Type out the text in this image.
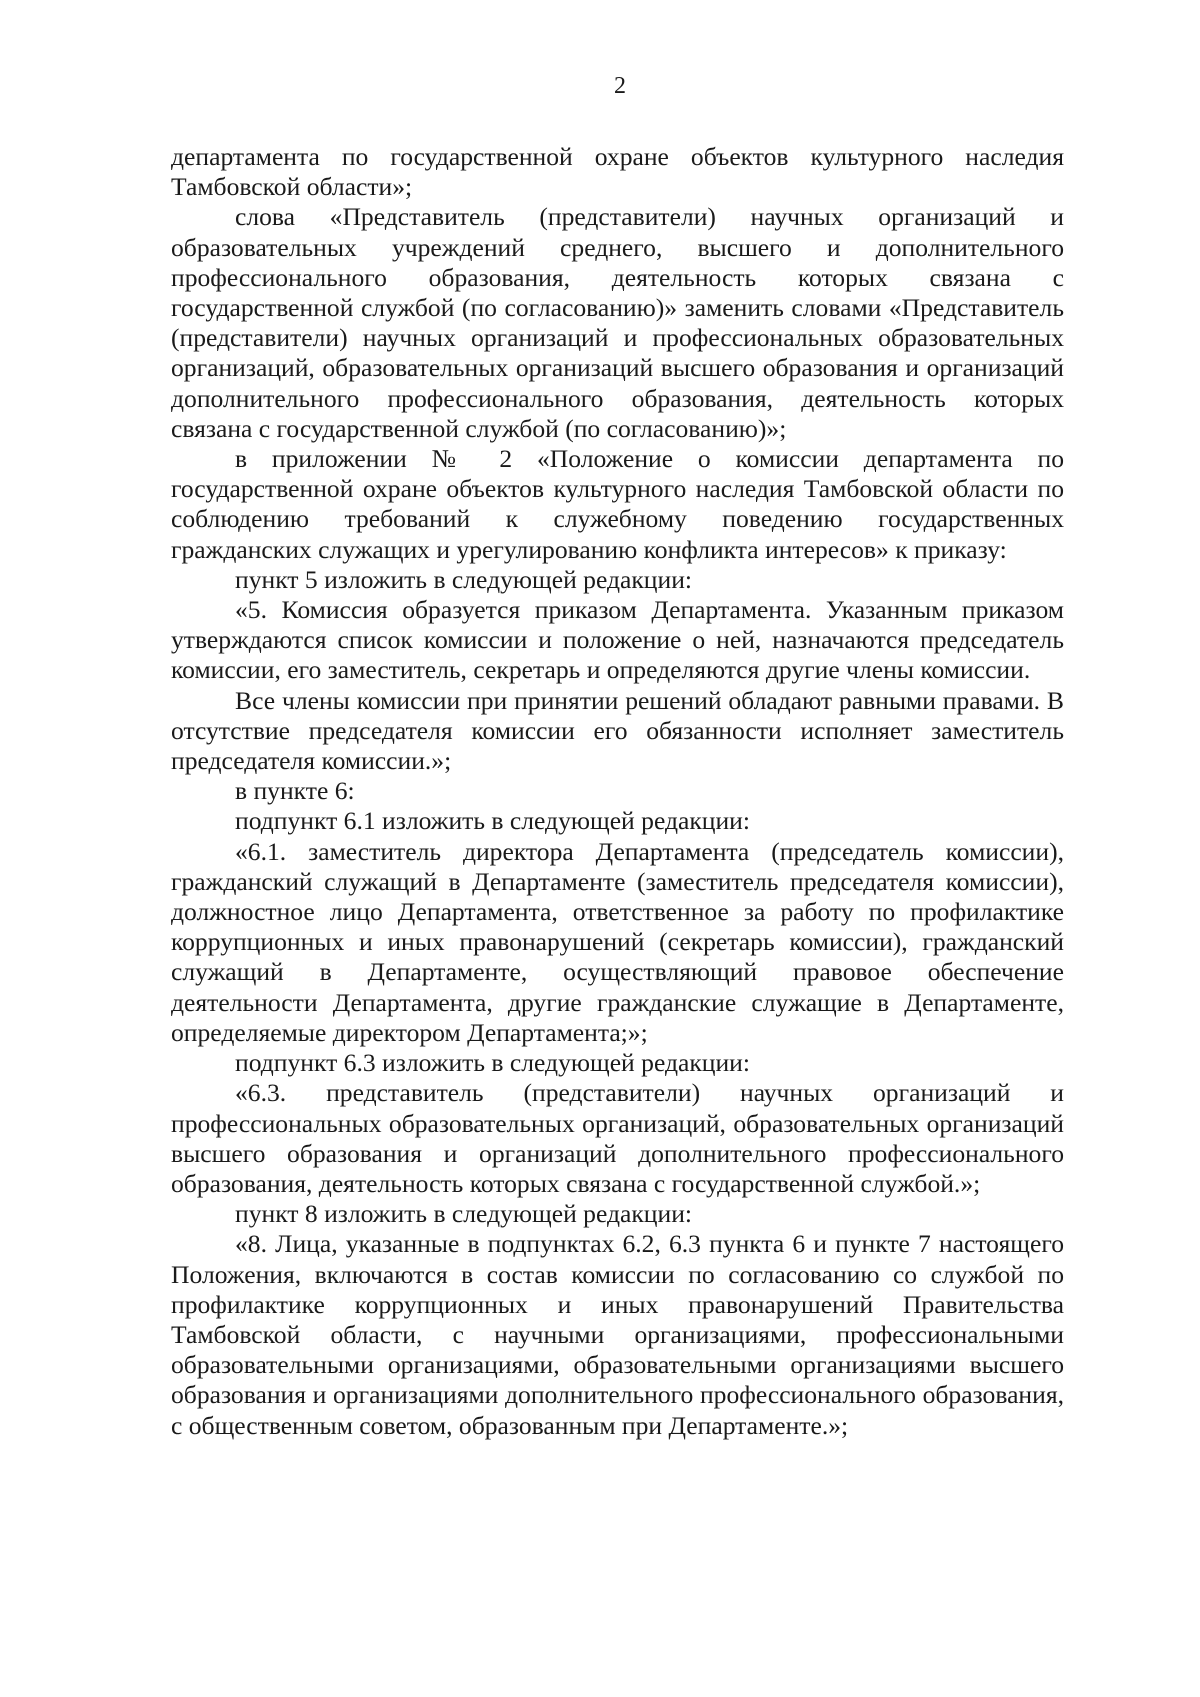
2

департамента по государственной охране объектов культурного наследия Тамбовской области»;

слова «Представитель (представители) научных организаций и образовательных учреждений среднего, высшего и дополнительного профессионального образования, деятельность которых связана с государственной службой (по согласованию)» заменить словами «Представитель (представители) научных организаций и профессиональных образовательных организаций, образовательных организаций высшего образования и организаций дополнительного профессионального образования, деятельность которых связана с государственной службой (по согласованию)»;

в приложении № 2 «Положение о комиссии департамента по государственной охране объектов культурного наследия Тамбовской области по соблюдению требований к служебному поведению государственных гражданских служащих и урегулированию конфликта интересов» к приказу:

пункт 5 изложить в следующей редакции:

«5. Комиссия образуется приказом Департамента. Указанным приказом утверждаются список комиссии и положение о ней, назначаются председатель комиссии, его заместитель, секретарь и определяются другие члены комиссии.

Все члены комиссии при принятии решений обладают равными правами. В отсутствие председателя комиссии его обязанности исполняет заместитель председателя комиссии.»;

в пункте 6:

подпункт 6.1 изложить в следующей редакции:

«6.1. заместитель директора Департамента (председатель комиссии), гражданский служащий в Департаменте (заместитель председателя комиссии), должностное лицо Департамента, ответственное за работу по профилактике коррупционных и иных правонарушений (секретарь комиссии), гражданский служащий в Департаменте, осуществляющий правовое обеспечение деятельности Департамента, другие гражданские служащие в Департаменте, определяемые директором Департамента;»;

подпункт 6.3 изложить в следующей редакции:

«6.3. представитель (представители) научных организаций и профессиональных образовательных организаций, образовательных организаций высшего образования и организаций дополнительного профессионального образования, деятельность которых связана с государственной службой.»;

пункт 8 изложить в следующей редакции:

«8. Лица, указанные в подпунктах 6.2, 6.3 пункта 6 и пункте 7 настоящего Положения, включаются в состав комиссии по согласованию со службой по профилактике коррупционных и иных правонарушений Правительства Тамбовской области, с научными организациями, профессиональными образовательными организациями, образовательными организациями высшего образования и организациями дополнительного профессионального образования, с общественным советом, образованным при Департаменте.»;
